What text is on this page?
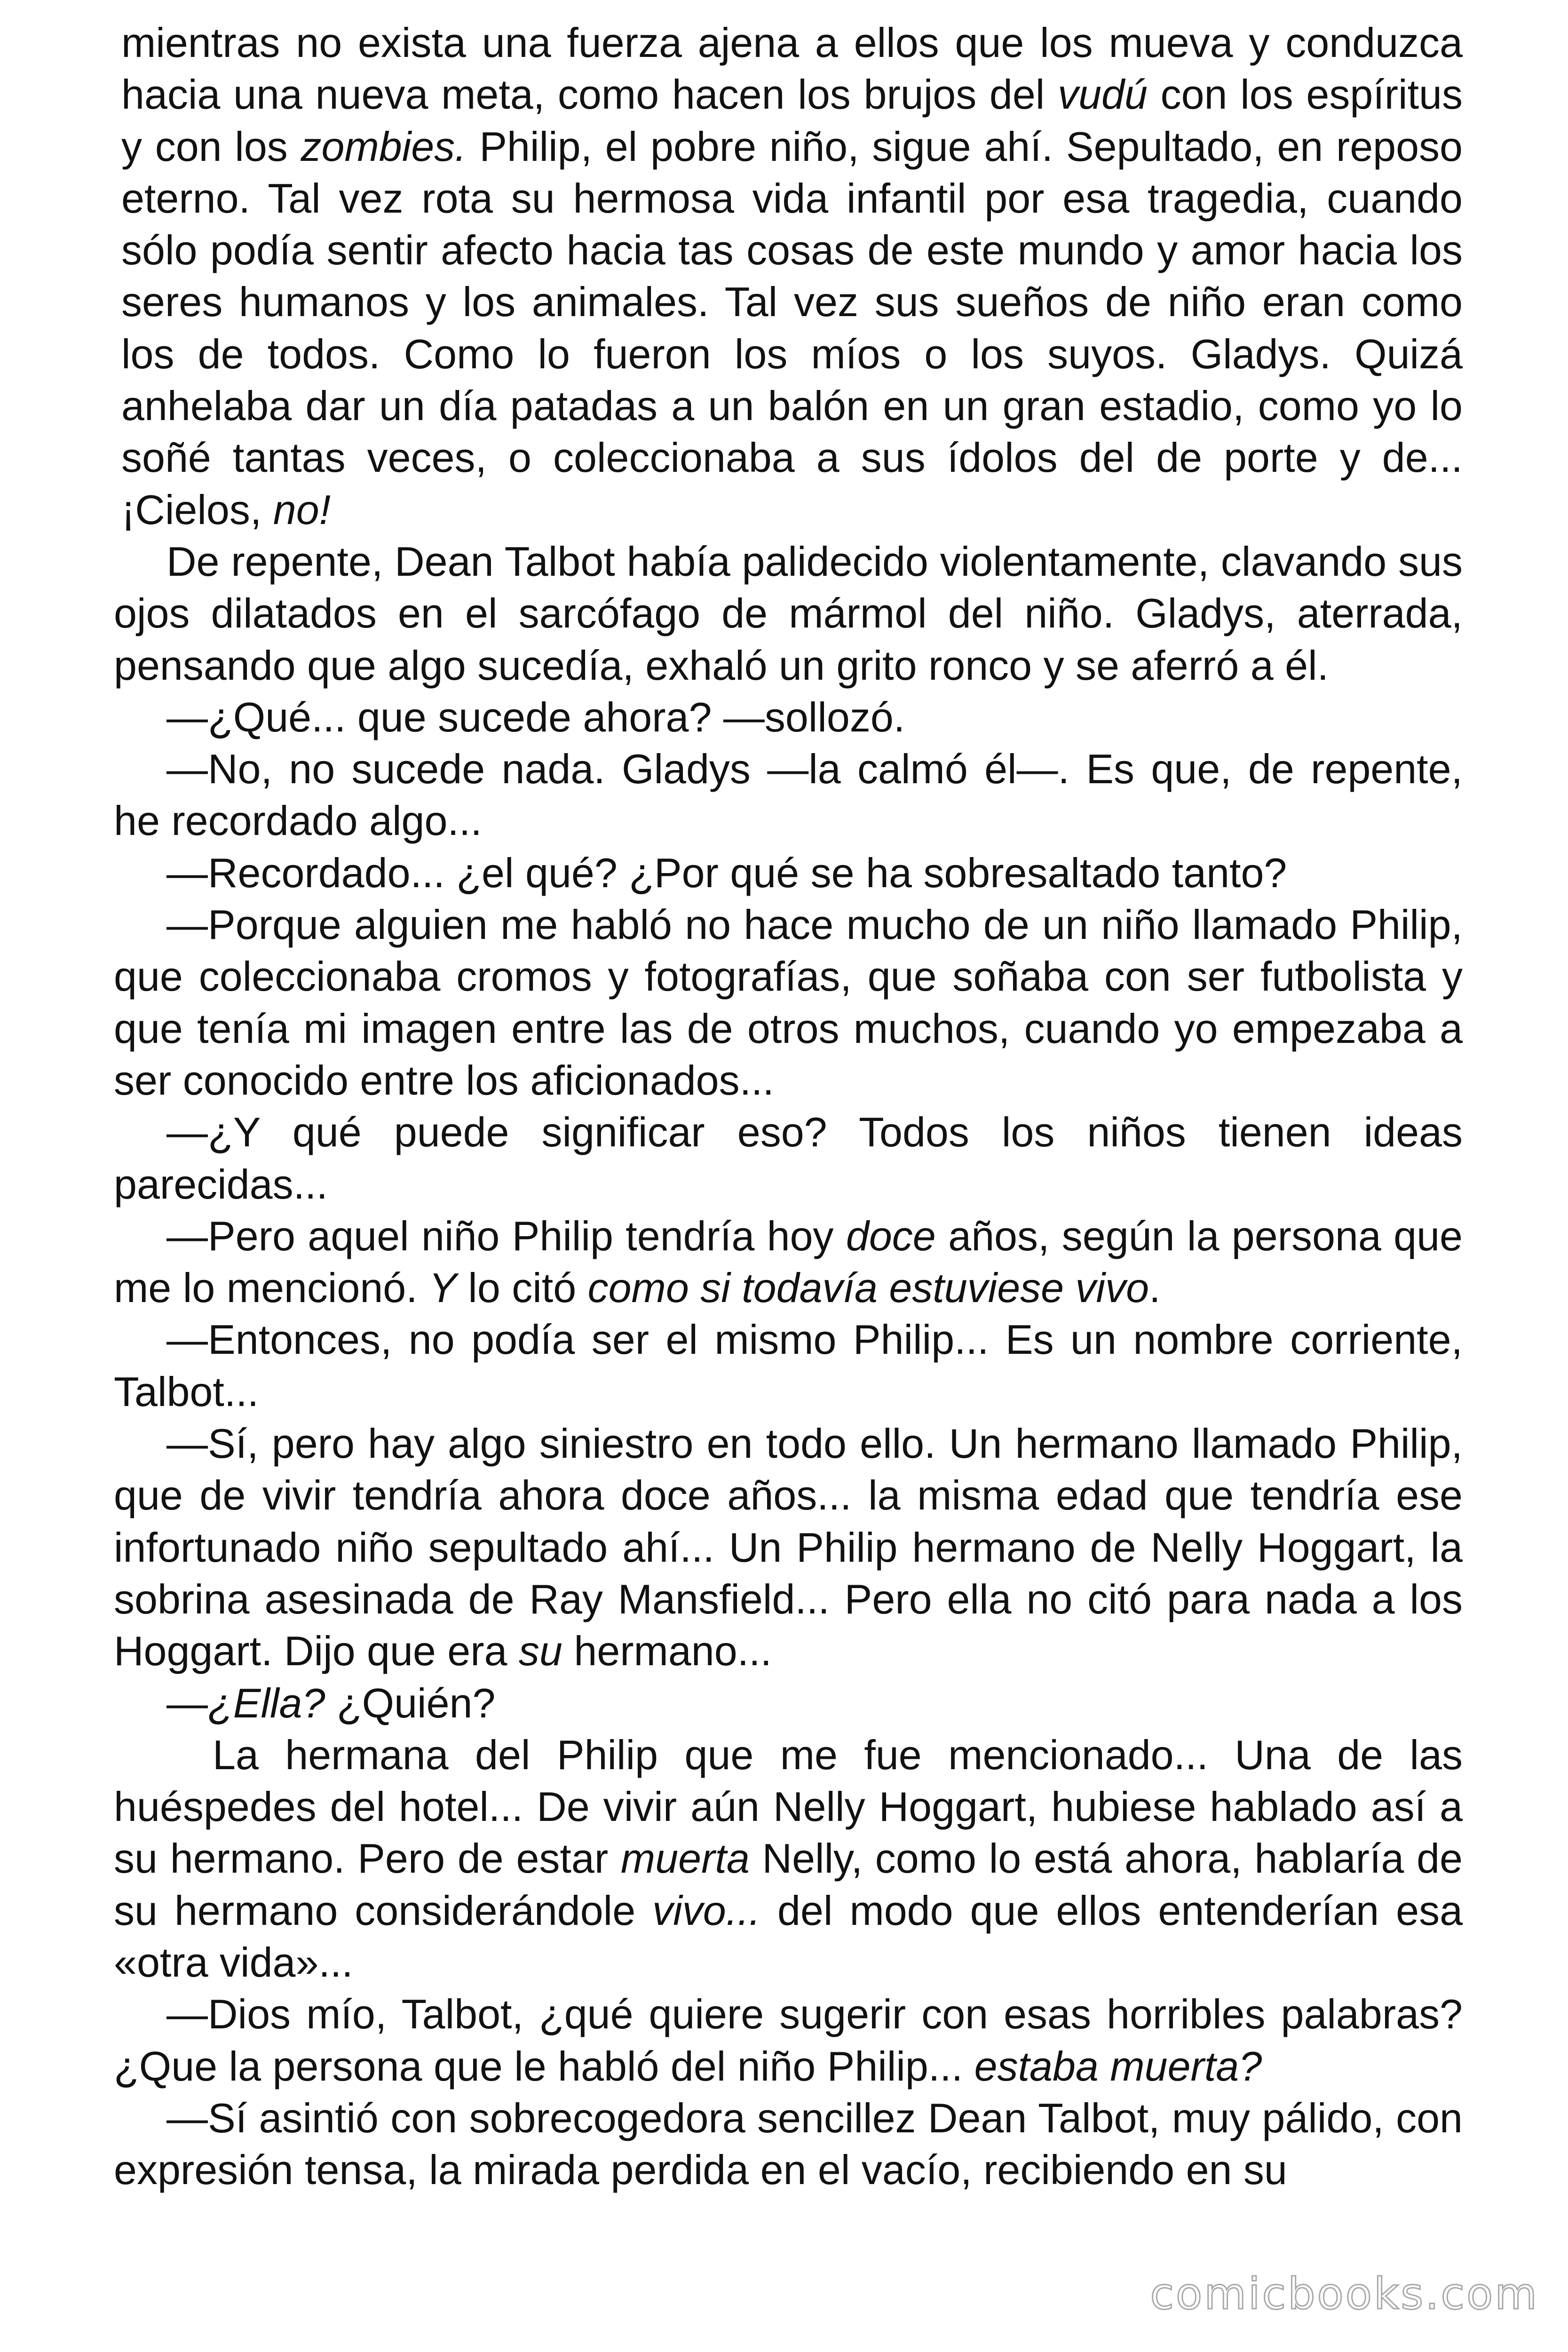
mientras no exista una fuerza ajena a ellos que los mueva y conduzca hacia una nueva meta, como hacen los brujos del vudú con los espíritus y con los zombies. Philip, el pobre niño, sigue ahí. Sepultado, en reposo eterno. Tal vez rota su hermosa vida infantil por esa tragedia, cuando sólo podía sentir afecto hacia tas cosas de este mundo y amor hacia los seres humanos y los animales. Tal vez sus sueños de niño eran como los de todos. Como lo fueron los míos o los suyos. Gladys. Quizá anhelaba dar un día patadas a un balón en un gran estadio, como yo lo soñé tantas veces, o coleccionaba a sus ídolos del de porte y de... ¡Cielos, no!

De repente, Dean Talbot había palidecido violentamente, clavando sus ojos dilatados en el sarcófago de mármol del niño. Gladys, aterrada, pensando que algo sucedía, exhaló un grito ronco y se aferró a él.

—¿Qué... que sucede ahora? —sollozó.

—No, no sucede nada. Gladys —la calmó él—. Es que, de repente, he recordado algo...

—Recordado... ¿el qué? ¿Por qué se ha sobresaltado tanto?

—Porque alguien me habló no hace mucho de un niño llamado Philip, que coleccionaba cromos y fotografías, que soñaba con ser futbolista y que tenía mi imagen entre las de otros muchos, cuando yo empezaba a ser conocido entre los aficionados...

—¿Y qué puede significar eso? Todos los niños tienen ideas parecidas...

—Pero aquel niño Philip tendría hoy doce años, según la persona que me lo mencionó. Y lo citó como si todavía estuviese vivo.

—Entonces, no podía ser el mismo Philip... Es un nombre corriente, Talbot...

—Sí, pero hay algo siniestro en todo ello. Un hermano llamado Philip, que de vivir tendría ahora doce años... la misma edad que tendría ese infortunado niño sepultado ahí... Un Philip hermano de Nelly Hoggart, la sobrina asesinada de Ray Mansfield... Pero ella no citó para nada a los Hoggart. Dijo que era su hermano...

—¿Ella? ¿Quién?

La hermana del Philip que me fue mencionado... Una de las huéspedes del hotel... De vivir aún Nelly Hoggart, hubiese hablado así a su hermano. Pero de estar muerta Nelly, como lo está ahora, hablaría de su hermano considerándole vivo... del modo que ellos entenderían esa «otra vida»...

—Dios mío, Talbot, ¿qué quiere sugerir con esas horribles palabras? ¿Que la persona que le habló del niño Philip... estaba muerta?

—Sí asintió con sobrecogedora sencillez Dean Talbot, muy pálido, con expresión tensa, la mirada perdida en el vacío, recibiendo en su

comicbooks.com
